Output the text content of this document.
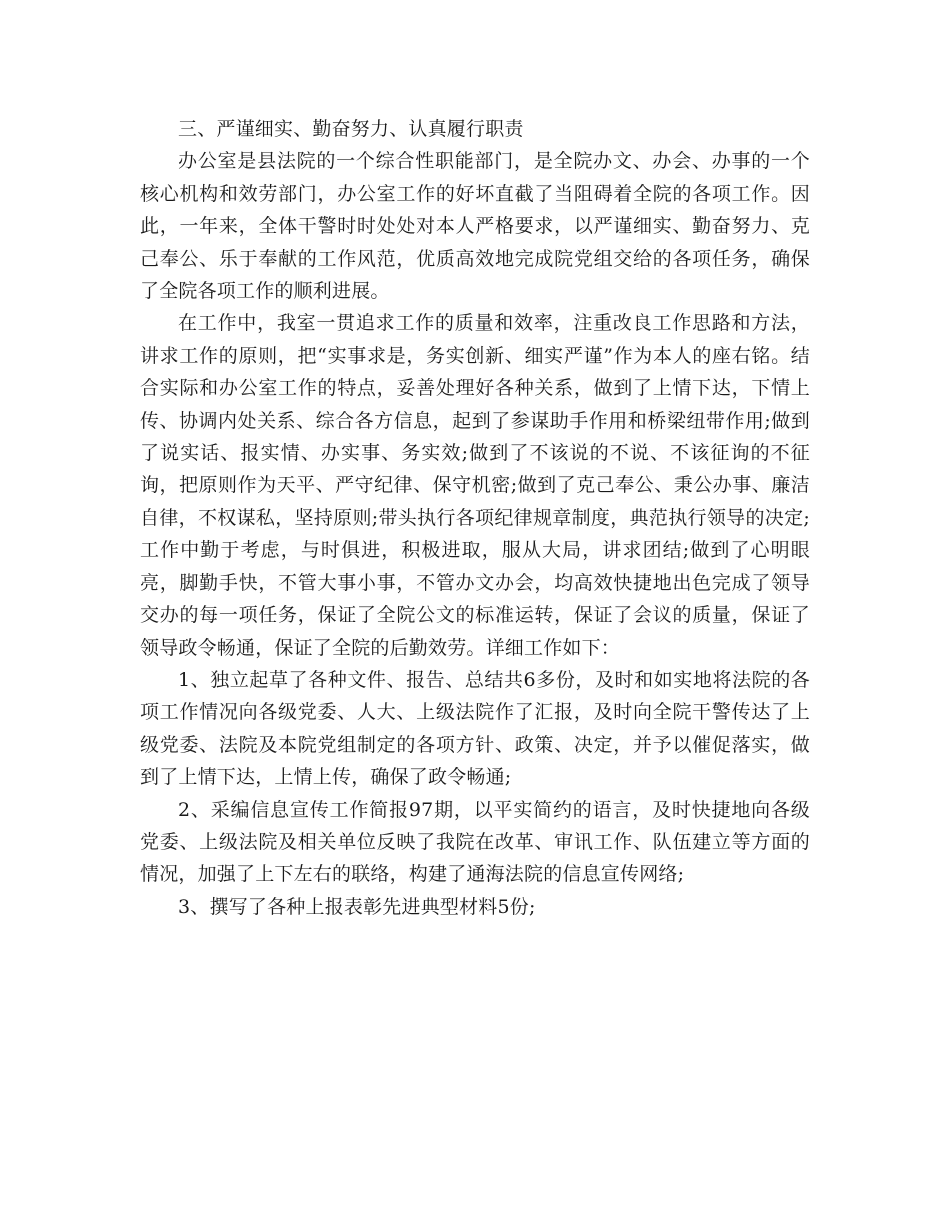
三、严谨细实、勤奋努力、认真履行职责

办公室是县法院的一个综合性职能部门，是全院办文、办会、办事的一个核心机构和效劳部门，办公室工作的好坏直截了当阻碍着全院的各项工作。因此，一年来，全体干警时时处处对本人严格要求，以严谨细实、勤奋努力、克己奉公、乐于奉献的工作风范，优质高效地完成院党组交给的各项任务，确保了全院各项工作的顺利进展。

在工作中，我室一贯追求工作的质量和效率，注重改良工作思路和方法，讲求工作的原则，把“实事求是，务实创新、细实严谨”作为本人的座右铭。结合实际和办公室工作的特点，妥善处理好各种关系，做到了上情下达，下情上传、协调内处关系、综合各方信息，起到了参谋助手作用和桥梁纽带作用;做到了说实话、报实情、办实事、务实效;做到了不该说的不说、不该征询的不征询，把原则作为天平、严守纪律、保守机密;做到了克己奉公、秉公办事、廉洁自律，不权谋私，坚持原则;带头执行各项纪律规章制度，典范执行领导的决定;工作中勤于考虑，与时俱进，积极进取，服从大局，讲求团结;做到了心明眼亮，脚勤手快，不管大事小事，不管办文办会，均高效快捷地出色完成了领导交办的每一项任务，保证了全院公文的标准运转，保证了会议的质量，保证了领导政令畅通，保证了全院的后勤效劳。详细工作如下：

1、独立起草了各种文件、报告、总结共6多份，及时和如实地将法院的各项工作情况向各级党委、人大、上级法院作了汇报，及时向全院干警传达了上级党委、法院及本院党组制定的各项方针、政策、决定，并予以催促落实，做到了上情下达，上情上传，确保了政令畅通;

2、采编信息宣传工作简报97期，以平实简约的语言，及时快捷地向各级党委、上级法院及相关单位反映了我院在改革、审讯工作、队伍建立等方面的情况，加强了上下左右的联络，构建了通海法院的信息宣传网络;

3、撰写了各种上报表彰先进典型材料5份;
